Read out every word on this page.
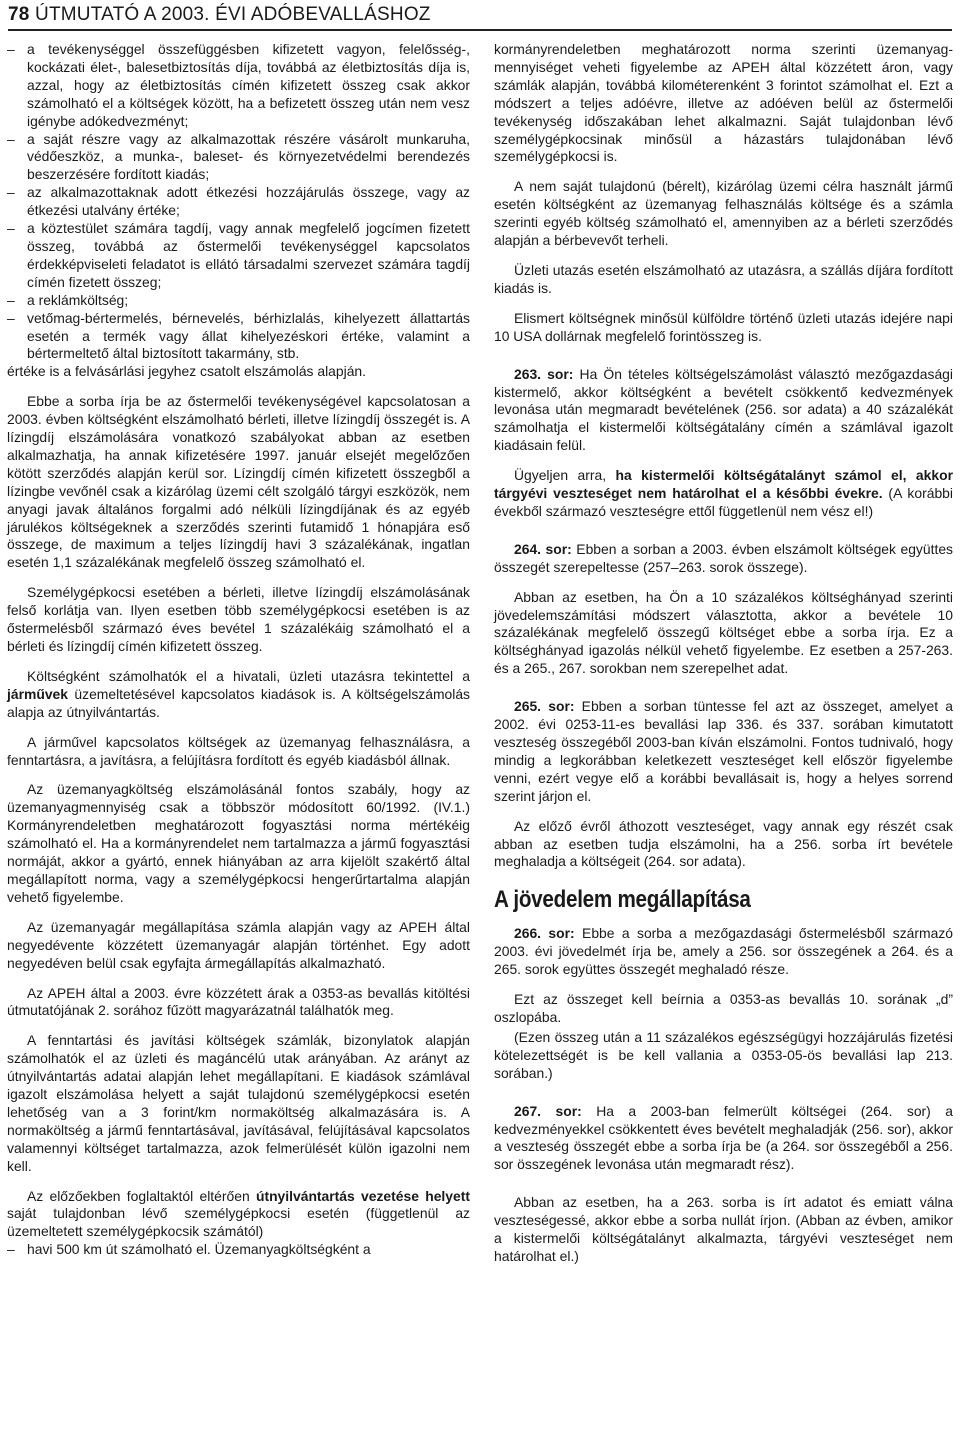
78 ÚTMUTATÓ A 2003. ÉVI ADÓBEVALLÁSHOZ
– a tevékenységgel összefüggésben kifizetett vagyon, felelősség-, kockázati élet-, balesetbiztosítás díja, továbbá az életbiztosítás díja is, azzal, hogy az életbiztosítás címén kifizetett összeg csak akkor számolható el a költségek között, ha a befizetett összeg után nem vesz igénybe adókedvezményt;
– a saját részre vagy az alkalmazottak részére vásárolt munkaruha, védőeszköz, a munka-, baleset- és környezetvédelmi berendezés beszerzésére fordított kiadás;
– az alkalmazottaknak adott étkezési hozzájárulás összege, vagy az étkezési utalvány értéke;
– a köztestület számára tagdíj, vagy annak megfelelő jogcímen fizetett összeg, továbbá az őstermelői tevékenységgel kapcsolatos érdekképviseleti feladatot is ellátó társadalmi szervezet számára tagdíj címén fizetett összeg;
– a reklámköltség;
– vetőmag-bértermelés, bérnevelés, bérhizlalás, kihelyezett állattartás esetén a termék vagy állat kihelyezéskori értéke, valamint a bértermeltető által biztosított takarmány, stb.
értéke is a felvásárlási jegyhez csatolt elszámolás alapján.

Ebbe a sorba írja be az őstermelői tevékenységével kapcsolatosan a 2003. évben költségként elszámolható bérleti, illetve lízingdíj összegét is. A lízingdíj elszámolására vonatkozó szabályokat abban az esetben alkalmazhatja, ha annak kifizetésére 1997. január elsejét megelőzően kötött szerződés alapján kerül sor. Lízingdíj címén kifizetett összegből a lízingbe vevőnél csak a kizárólag üzemi célt szolgáló tárgyi eszközök, nem anyagi javak általános forgalmi adó nélküli lízingdíjának és az egyéb járulékos költségeknek a szerződés szerinti futamidő 1 hónapjára eső összege, de maximum a teljes lízingdíj havi 3 százalékának, ingatlan esetén 1,1 százalékának megfelelő összeg számolható el.

Személygépkocsi esetében a bérleti, illetve lízingdíj elszámolásának felső korlátja van. Ilyen esetben több személygépkocsi esetében is az őstermelésből származó éves bevétel 1 százalékáig számolható el a bérleti és lízingdíj címén kifizetett összeg.

Költségként számolhatók el a hivatali, üzleti utazásra tekintettel a járművek üzemeltetésével kapcsolatos kiadások is. A költségelszámolás alapja az útnyilvántartás.

A járművel kapcsolatos költségek az üzemanyag felhasználásra, a fenntartásra, a javításra, a felújításra fordított és egyéb kiadásból állnak.

Az üzemanyagköltség elszámolásánál fontos szabály, hogy az üzemanyagmennyiség csak a többször módosított 60/1992. (IV.1.) Kormányrendeletben meghatározott fogyasztási norma mértékéig számolható el. Ha a kormányrendelet nem tartalmazza a jármű fogyasztási normáját, akkor a gyártó, ennek hiányában az arra kijelölt szakértő által megállapított norma, vagy a személygépkocsi hengerűrtartalma alapján vehető figyelembe.

Az üzemanyagár megállapítása számla alapján vagy az APEH által negyedévente közzétett üzemanyagár alapján történhet. Egy adott negyedéven belül csak egyfajta ármegállapítás alkalmazható.

Az APEH által a 2003. évre közzétett árak a 0353-as bevallás kitöltési útmutatójának 2. sorához fűzött magyarázatnál találhatók meg.

A fenntartási és javítási költségek számlák, bizonylatok alapján számolhatók el az üzleti és magáncélú utak arányában. Az arányt az útnyilvántartás adatai alapján lehet megállapítani. E kiadások számlával igazolt elszámolása helyett a saját tulajdonú személygépkocsi esetén lehetőség van a 3 forint/km normaköltség alkalmazására is. A normaköltség a jármű fenntartásával, javításával, felújításával kapcsolatos valamennyi költséget tartalmazza, azok felmerülését külön igazolni nem kell.

Az előzőekben foglaltaktól eltérően útnyilvántartás vezetése helyett saját tulajdonban lévő személygépkocsi esetén (függetlenül az üzemeltetett személygépkocsik számától)

– havi 500 km út számolható el. Üzemanyagköltségként a

kormányrendeletben meghatározott norma szerinti üzemanyag-mennyiséget veheti figyelembe az APEH által közzétett áron, vagy számlák alapján, továbbá kilométerenként 3 forintot számolhat el. Ezt a módszert a teljes adóévre, illetve az adóéven belül az őstermelői tevékenység időszakában lehet alkalmazni. Saját tulajdonban lévő személygépkocsinak minősül a házastárs tulajdonában lévő személygépkocsi is.

A nem saját tulajdonú (bérelt), kizárólag üzemi célra használt jármű esetén költségként az üzemanyag felhasználás költsége és a számla szerinti egyéb költség számolható el, amennyiben az a bérleti szerződés alapján a bérbevevőt terheli.

Üzleti utazás esetén elszámolható az utazásra, a szállás díjára fordított kiadás is.

Elismert költségnek minősül külföldre történő üzleti utazás idejére napi 10 USA dollárnak megfelelő forintösszeg is.

263. sor: Ha Ön tételes költségelszámolást választó mezőgazdasági kistermelő, akkor költségként a bevételt csökkentő kedvezmények levonása után megmaradt bevételének (256. sor adata) a 40 százalékát számolhatja el kistermelői költségátalány címén a számlával igazolt kiadásain felül.

Ügyeljen arra, ha kistermelői költségátalányt számol el, akkor tárgyévi veszteséget nem határolhat el a későbbi évekre. (A korábbi évekből származó veszteségre ettől függetlenül nem vész el!)

264. sor: Ebben a sorban a 2003. évben elszámolt költségek együttes összegét szerepeltesse (257–263. sorok összege).

Abban az esetben, ha Ön a 10 százalékos költséghányad szerinti jövedelemszámítási módszert választotta, akkor a bevétele 10 százalékának megfelelő összegű költséget ebbe a sorba írja. Ez a költséghányad igazolás nélkül vehető figyelembe. Ez esetben a 257-263. és a 265., 267. sorokban nem szerepelhet adat.

265. sor: Ebben a sorban tüntesse fel azt az összeget, amelyet a 2002. évi 0253-11-es bevallási lap 336. és 337. sorában kimutatott veszteség összegéből 2003-ban kíván elszámolni. Fontos tudnivaló, hogy mindig a legkorábban keletkezett veszteséget kell először figyelembe venni, ezért vegye elő a korábbi bevallásait is, hogy a helyes sorrend szerint járjon el.

Az előző évről áthozott veszteséget, vagy annak egy részét csak abban az esetben tudja elszámolni, ha a 256. sorba írt bevétele meghaladja a költségeit (264. sor adata).

A jövedelem megállapítása

266. sor: Ebbe a sorba a mezőgazdasági őstermelésből származó 2003. évi jövedelmét írja be, amely a 256. sor összegének a 264. és a 265. sorok együttes összegét meghaladó része.

Ezt az összeget kell beírnia a 0353-as bevallás 10. sorának „d” oszlopába.

(Ezen összeg után a 11 százalékos egészségügyi hozzájárulás fizetési kötelezettségét is be kell vallania a 0353-05-ös bevallási lap 213. sorában.)

267. sor: Ha a 2003-ban felmerült költségei (264. sor) a kedvezményekkel csökkentett éves bevételt meghaladják (256. sor), akkor a veszteség összegét ebbe a sorba írja be (a 264. sor összegéből a 256. sor összegének levonása után megmaradt rész).

Abban az esetben, ha a 263. sorba is írt adatot és emiatt válna veszteségessé, akkor ebbe a sorba nullát írjon. (Abban az évben, amikor a kistermelői költségátalányt alkalmazta, tárgyévi veszteséget nem határolhat el.)
